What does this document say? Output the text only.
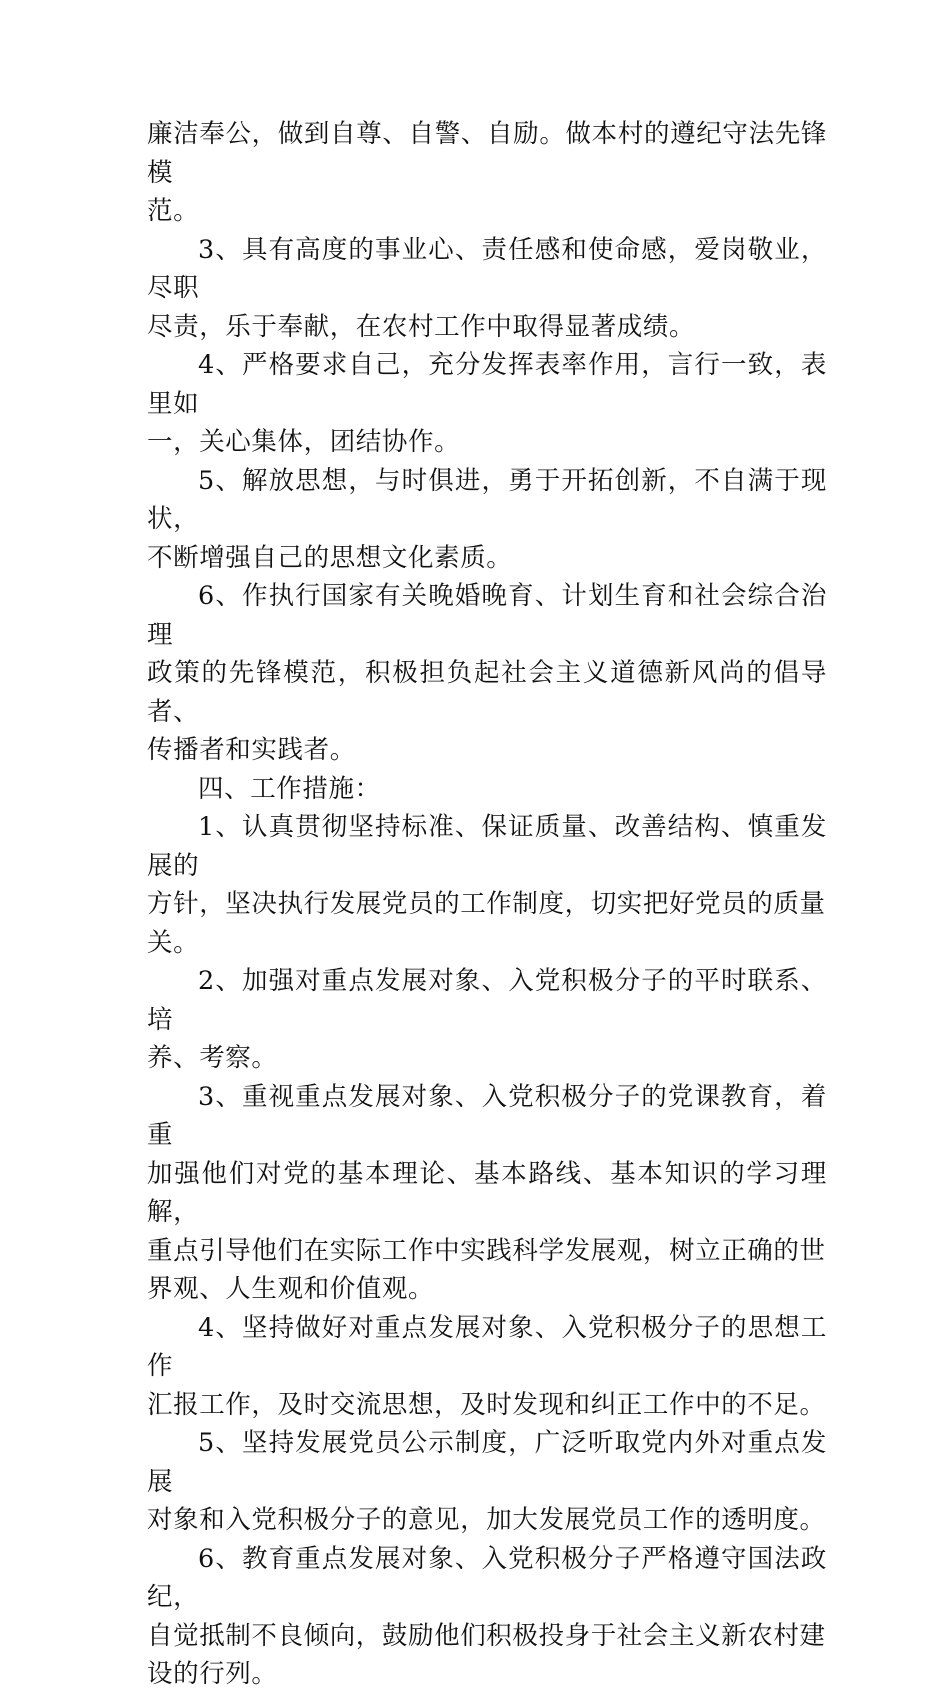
廉洁奉公，做到自尊、自警、自励。做本村的遵纪守法先锋模
范。

3、具有高度的事业心、责任感和使命感，爱岗敬业，尽职
尽责，乐于奉献，在农村工作中取得显著成绩。

4、严格要求自己，充分发挥表率作用，言行一致，表里如
一，关心集体，团结协作。

5、解放思想，与时俱进，勇于开拓创新，不自满于现状，
不断增强自己的思想文化素质。

6、作执行国家有关晚婚晚育、计划生育和社会综合治理
政策的先锋模范，积极担负起社会主义道德新风尚的倡导者、
传播者和实践者。

四、工作措施：

1、认真贯彻坚持标准、保证质量、改善结构、慎重发展的
方针，坚决执行发展党员的工作制度，切实把好党员的质量
关。

2、加强对重点发展对象、入党积极分子的平时联系、培
养、考察。

3、重视重点发展对象、入党积极分子的党课教育，着重
加强他们对党的基本理论、基本路线、基本知识的学习理解，
重点引导他们在实际工作中实践科学发展观，树立正确的世
界观、人生观和价值观。

4、坚持做好对重点发展对象、入党积极分子的思想工作
汇报工作，及时交流思想，及时发现和纠正工作中的不足。

5、坚持发展党员公示制度，广泛听取党内外对重点发展
对象和入党积极分子的意见，加大发展党员工作的透明度。

6、教育重点发展对象、入党积极分子严格遵守国法政纪，
自觉抵制不良倾向，鼓励他们积极投身于社会主义新农村建
设的行列。
